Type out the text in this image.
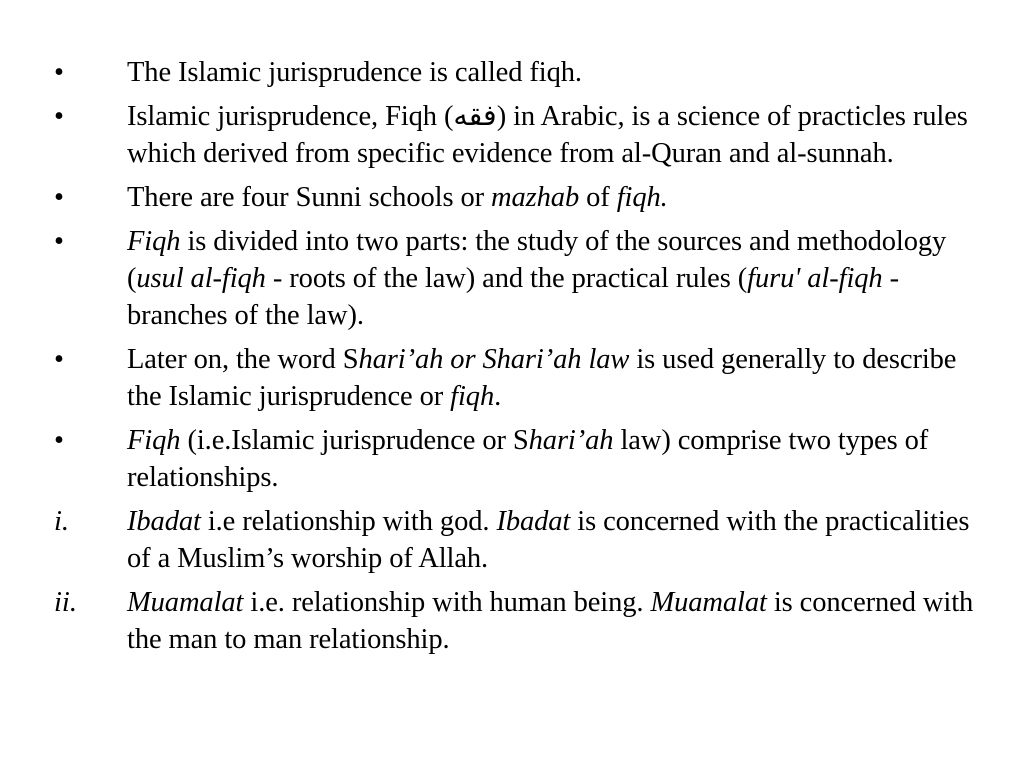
•	The Islamic jurisprudence is called fiqh.
•	Islamic jurisprudence, Fiqh (فقه) in Arabic, is a science of practicles rules which derived from specific evidence from al-Quran and al-sunnah.
•	There are four Sunni schools or mazhab of fiqh.
•	Fiqh is divided into two parts: the study of the sources and methodology (usul al-fiqh - roots of the law) and the practical rules (furu' al-fiqh - branches of the law).
•	Later on, the word Shari’ah or Shari’ah law is used generally to describe the Islamic jurisprudence or fiqh.
•	Fiqh (i.e.Islamic jurisprudence or Shari’ah law) comprise two types of relationships.
i.	Ibadat i.e relationship with god. Ibadat is concerned with the practicalities of a Muslim’s worship of Allah.
ii.	Muamalat i.e. relationship with human being. Muamalat is concerned with the man to man relationship.
